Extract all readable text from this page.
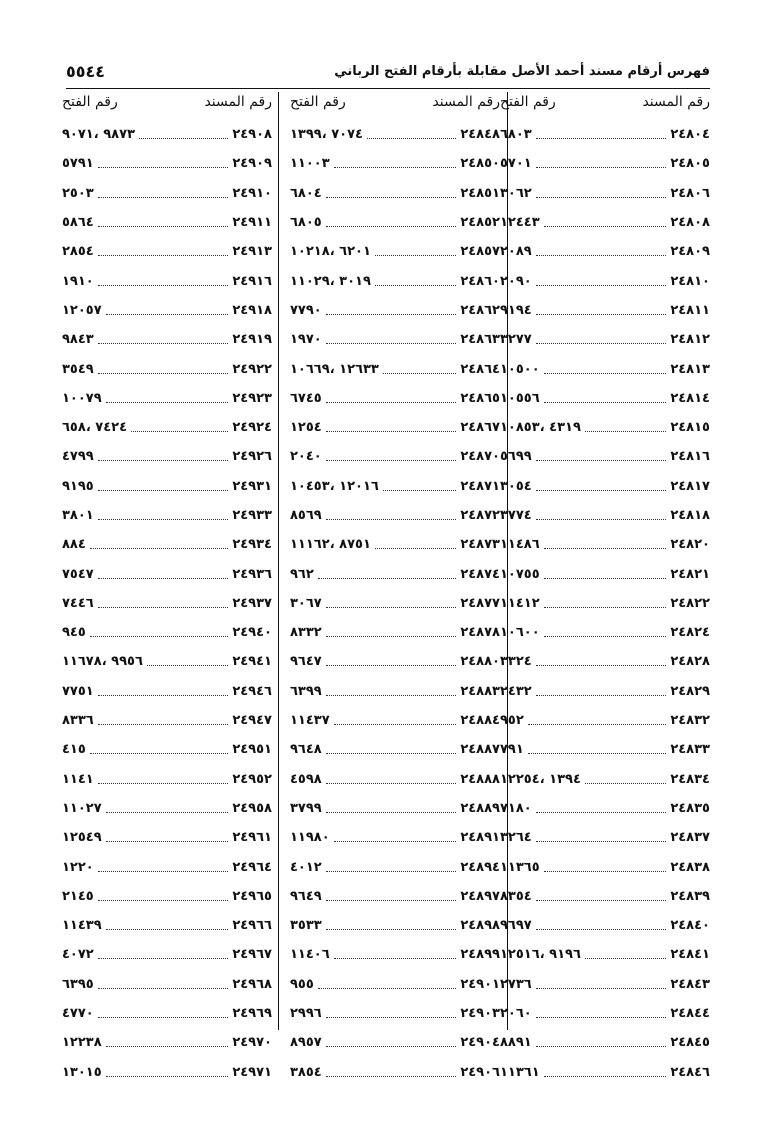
٥٥٤٤	فهرس أرقام مسند أحمد الأصل مقابلة بأرقام الفتح الرباني
رقم المسند
رقم الفتح
٢٤٨٠٤
٦٨٠٣
٢٤٨٠٥
٥٧٠١
٢٤٨٠٦
٣٠٦٢
٢٤٨٠٨
١٢٤٤٣
٢٤٨٠٩
٢٠٨٩
٢٤٨١٠
٢٠٩٠
٢٤٨١١
٩١٩٤
٢٤٨١٢
٣٢٧٧
٢٤٨١٣
١٠٥٠٠
٢٤٨١٤
١٠٥٥٦
٢٤٨١٥
٤٣١٩ ،١٠٨٥٣
٢٤٨١٦
٥٦٩٩
٢٤٨١٧
٣٠٥٤
٢٤٨١٨
٣٧٧٤
٢٤٨٢٠
١١٤٨٦
٢٤٨٢١
١٠٧٥٥
٢٤٨٢٢
١١٤١٢
٢٤٨٢٤
١٠٦٠٠
٢٤٨٢٨
٣٣٢٤
٢٤٨٢٩
٢٤٣٢
٢٤٨٣٢
٩٥٢
٢٤٨٣٣
٧٩١
٢٤٨٣٤
١٣٩٤ ،١٢٢٥٤
٢٤٨٣٥
٧١٨٠
٢٤٨٣٧
٣٢٦٤
٢٤٨٣٨
١١٣٦٥
٢٤٨٣٩
٨٣٥٤
٢٤٨٤٠
٩٦٩٧
٢٤٨٤١
٩١٩٦ ،١٢٥١٦
٢٤٨٤٣
٢٧٣٦
٢٤٨٤٤
٢٠٦٠
٢٤٨٤٥
٨٨٩١
٢٤٨٤٦
١١٣٦١
رقم المسند
رقم الفتح
٢٤٨٤٨
٧٠٧٤ ،١٣٩٩
٢٤٨٥٠
١١٠٠٣
٢٤٨٥١
٦٨٠٤
٢٤٨٥٢
٦٨٠٥
٢٤٨٥٧
٦٢٠١ ،١٠٢١٨
٢٤٨٦٠
٣٠١٩ ،١١٠٢٩
٢٤٨٦٢
٧٧٩٠
٢٤٨٦٣
١٩٧٠
٢٤٨٦٤
١٢٦٣٣ ،١٠٦٦٩
٢٤٨٦٥
٦٧٤٥
٢٤٨٦٧
١٢٥٤
٢٤٨٧٠
٢٠٤٠
٢٤٨٧١
١٢٠١٦ ،١٠٤٥٣
٢٤٨٧٢
٨٥٦٩
٢٤٨٧٣
٨٧٥١ ،١١١٦٢
٢٤٨٧٤
٩٦٢
٢٤٨٧٧
٣٠٦٧
٢٤٨٧٨
٨٣٣٢
٢٤٨٨٠
٩٦٤٧
٢٤٨٨٣
٦٣٩٩
٢٤٨٨٤
١١٤٣٧
٢٤٨٨٧
٩٦٤٨
٢٤٨٨٨
٤٥٩٨
٢٤٨٨٩
٣٧٩٩
٢٤٨٩١
١١٩٨٠
٢٤٨٩٤
٤٠١٢
٢٤٨٩٧
٩٦٤٩
٢٤٨٩٨
٣٥٣٣
٢٤٨٩٩
١١٤٠٦
٢٤٩٠١
٩٥٥
٢٤٩٠٣
٢٩٩٦
٢٤٩٠٤
٨٩٥٧
٢٤٩٠٦
٣٨٥٤
رقم المسند
رقم الفتح
٢٤٩٠٨
٩٨٧٣ ،٩٠٧١
٢٤٩٠٩
٥٧٩١
٢٤٩١٠
٢٥٠٣
٢٤٩١١
٥٨٦٤
٢٤٩١٣
٢٨٥٤
٢٤٩١٦
١٩١٠
٢٤٩١٨
١٢٠٥٧
٢٤٩١٩
٩٨٤٣
٢٤٩٢٢
٣٥٤٩
٢٤٩٢٣
١٠٠٧٩
٢٤٩٢٤
٧٤٢٤ ،٦٥٨
٢٤٩٢٦
٤٧٩٩
٢٤٩٣١
٩١٩٥
٢٤٩٣٣
٣٨٠١
٢٤٩٣٤
٨٨٤
٢٤٩٣٦
٧٥٤٧
٢٤٩٣٧
٧٤٤٦
٢٤٩٤٠
٩٤٥
٢٤٩٤١
٩٩٥٦ ،١١٦٧٨
٢٤٩٤٦
٧٧٥١
٢٤٩٤٧
٨٣٣٦
٢٤٩٥١
٤١٥
٢٤٩٥٢
١١٤١
٢٤٩٥٨
١١٠٢٧
٢٤٩٦١
١٢٥٤٩
٢٤٩٦٤
١٢٢٠
٢٤٩٦٥
٢١٤٥
٢٤٩٦٦
١١٤٣٩
٢٤٩٦٧
٤٠٧٢
٢٤٩٦٨
٦٣٩٥
٢٤٩٦٩
٤٧٧٠
٢٤٩٧٠
١٢٢٣٨
٢٤٩٧١
١٣٠١٥
